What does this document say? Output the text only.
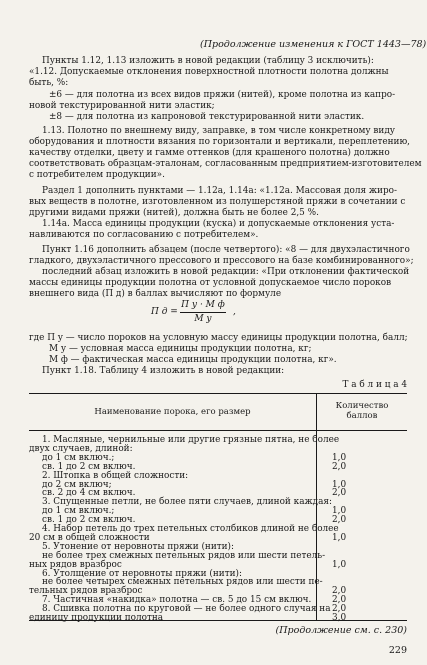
(Продолжение изменения к ГОСТ 1443—78)
Пункты 1.12, 1.13 изложить в новой редакции (таблицу 3 исключить):
«1.12. Допускаемые отклонения поверхностной плотности полотна должны
быть, %:
±6 — для полотна из всех видов пряжи (нитей), кроме полотна из капро-
новой текстурированной нити эластик;
±8 — для полотна из капроновой текстурированной нити эластик.
1.13. Полотно по внешнему виду, заправке, в том числе конкретному виду
оборудования и плотности вязания по горизонтали и вертикали, переплетению,
качеству отделки, цвету и гамме оттенков (для крашеного полотна) должно
соответствовать образцам-эталонам, согласованным предприятием-изготовителем
с потребителем продукции».
Раздел 1 дополнить пунктами — 1.12а, 1.14а: «1.12а. Массовая доля жиро-
вых веществ в полотне, изготовленном из полушерстяной пряжи в сочетании с
другими видами пряжи (нитей), должна быть не более 2,5 %.
1.14а. Масса единицы продукции (куска) и допускаемые отклонения уста-
навливаются по согласованию с потребителем».
Пункт 1.16 дополнить абзацем (после четвертого): «8 — для двухэластичного
гладкого, двухэластичного прессового и прессового на базе комбинированного»;
последний абзац изложить в новой редакции: «При отклонении фактической
массы единицы продукции полотна от условной допускаемое число пороков
внешнего вида (П д) в баллах вычисляют по формуле
П д =
П у · М ф
М у
,
где П у — число пороков на условную массу единицы продукции полотна, балл;
М у — условная масса единицы продукции полотна, кг;
М ф — фактическая масса единицы продукции полотна, кг».
Пункт 1.18. Таблицу 4 изложить в новой редакции:
Т а б л и ц а 4
Наименование порока, его размер
Количество баллов
1. Масляные, чернильные или другие грязные пятна, не более
двух случаев, длиной:
до 1 см включ.;	1,0
св. 1 до 2 см включ.	2,0
2. Штопка в общей сложности:
до 2 см включ;	1,0
св. 2 до 4 см включ.	2,0
3. Спущенные петли, не более пяти случаев, длиной каждая:
до 1 см включ.;	1,0
св. 1 до 2 см включ.	2,0
4. Набор петель до трех петельных столбиков длиной не более
20 см в общей сложности	1,0
5. Утонение от неровноты пряжи (нити):
не более трех смежных петельных рядов или шести петель-
ных рядов вразброс	1,0
6. Утолщение от неровноты пряжи (нити):
не более четырех смежных петельных рядов или шести пе-
тельных рядов вразброс	2,0
7. Частичная «накидка» полотна — св. 5 до 15 см включ. 2,0
8. Сшивка полотна по круговой — не более одного случая на 2,0
единицу продукции полотна	3,0
(Продолжение см. с. 230)
229
